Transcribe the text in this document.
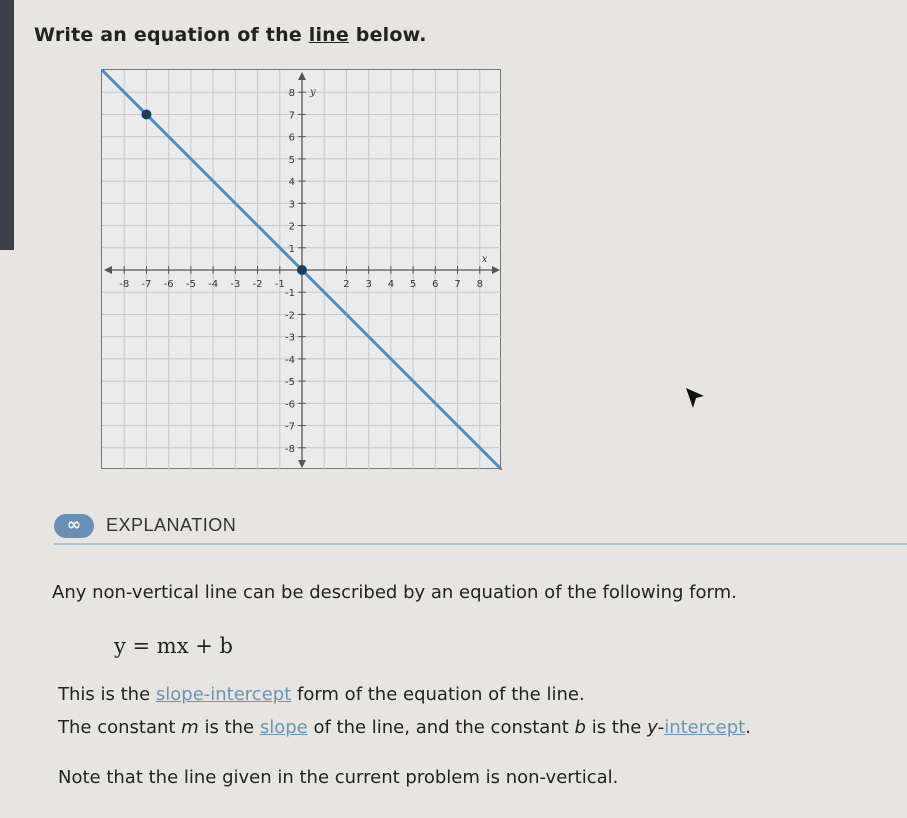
Write an equation of the line below.
-8 -7 -6 -5 -4 -3 -2 -1	2 3 4 5 6 7 8
8
7
6
5
4
3
2
1
-1
-2
-3
-4
-5
-6
-7
-8
x
y
∞	EXPLANATION
Any non-vertical line can be described by an equation of the following form.
y = mx + b
This is the slope-intercept form of the equation of the line.
The constant m is the slope of the line, and the constant b is the y-intercept.
Note that the line given in the current problem is non-vertical.
